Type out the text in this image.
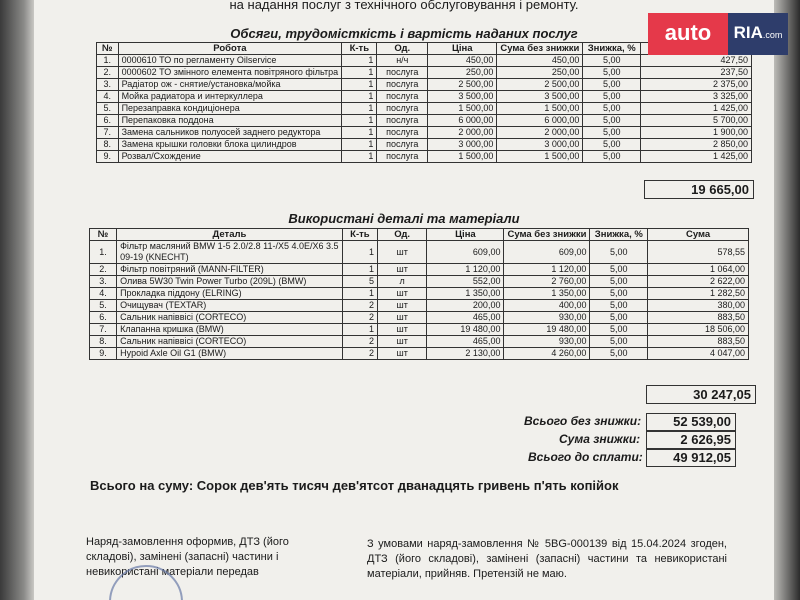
на надання послуг з технічного обслуговування і ремонту.
Обсяги, трудомісткість і вартість наданих послуг
№	Робота	К-ть	Од.	Ціна	Сума без знижки	Знижка, %	
1.	0000610 ТО по регламенту Oilservice	1	н/ч	450,00	450,00	5,00	427,50
2.	0000602 ТО змінного елемента повітряного фільтра	1	послуга	250,00	250,00	5,00	237,50
3.	Радіатор ож - снятие/установка/мойка	1	послуга	2 500,00	2 500,00	5,00	2 375,00
4.	Мойка радиатора и интеркуллера	1	послуга	3 500,00	3 500,00	5,00	3 325,00
5.	Перезаправка кондиціонера	1	послуга	1 500,00	1 500,00	5,00	1 425,00
6.	Перепаковка поддона	1	послуга	6 000,00	6 000,00	5,00	5 700,00
7.	Замена сальников полуосей заднего редуктора	1	послуга	2 000,00	2 000,00	5,00	1 900,00
8.	Замена крышки головки блока цилиндров	1	послуга	3 000,00	3 000,00	5,00	2 850,00
9.	Розвал/Схождение	1	послуга	1 500,00	1 500,00	5,00	1 425,00
19 665,00
Використані деталі та матеріали
№	Деталь	К-ть	Од.	Ціна	Сума без знижки	Знижка, %	Сума
1.	Фільтр масляний BMW 1-5 2.0/2.8 11-/X5 4.0E/X6 3.5 09-19 (KNECHT)	1	шт	609,00	609,00	5,00	578,55
2.	Фільтр повітряний (MANN-FILTER)	1	шт	1 120,00	1 120,00	5,00	1 064,00
3.	Олива 5W30 Twin Power Turbo (209L) (BMW)	5	л	552,00	2 760,00	5,00	2 622,00
4.	Прокладка піддону (ELRING)	1	шт	1 350,00	1 350,00	5,00	1 282,50
5.	Очищувач (TEXTAR)	2	шт	200,00	400,00	5,00	380,00
6.	Сальник напіввісі (CORTECO)	2	шт	465,00	930,00	5,00	883,50
7.	Клапанна кришка (BMW)	1	шт	19 480,00	19 480,00	5,00	18 506,00
8.	Сальник напіввісі (CORTECO)	2	шт	465,00	930,00	5,00	883,50
9.	Hypoid Axle Oil G1 (BMW)	2	шт	2 130,00	4 260,00	5,00	4 047,00
30 247,05
Всього без знижки:	52 539,00
Сума знижки:	2 626,95
Всього до сплати:	49 912,05
Всього на суму: Сорок дев'ять тисяч дев'ятсот дванадцять гривень п'ять копійок
Наряд-замовлення оформив, ДТЗ (його складові), замінені (запасні) частини і невикористані матеріали передав
З умовами наряд-замовлення № 5BG-000139 від 15.04.2024 згоден, ДТЗ (його складові), замінені (запасні) частини та невикористані матеріали, прийняв. Претензій не маю.
auto	RIA.com
